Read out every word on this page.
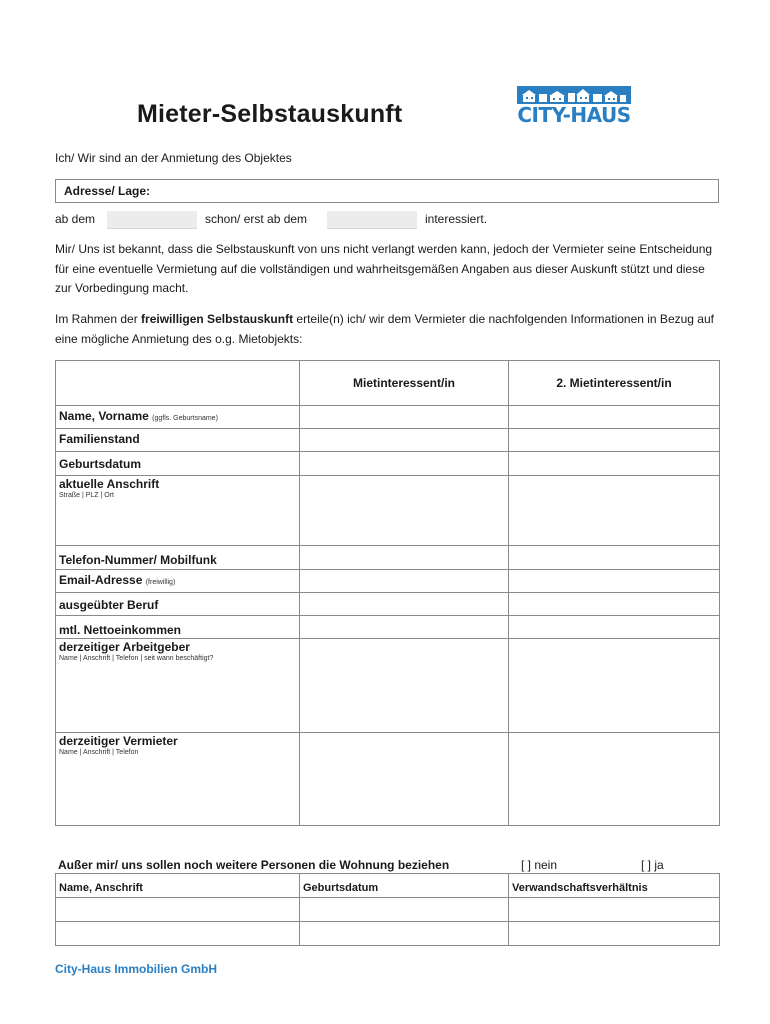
Mieter-Selbstauskunft	CITY-HAUS
Ich/ Wir sind an der Anmietung des Objektes
Adresse/ Lage:
ab dem	schon/ erst ab dem	interessiert.
Mir/ Uns ist bekannt, dass die Selbstauskunft von uns nicht verlangt werden kann, jedoch der Vermieter seine Entscheidung für eine eventuelle Vermietung auf die vollständigen und wahrheitsgemäßen Angaben aus dieser Auskunft stützt und diese zur Vorbedingung macht.
Im Rahmen der freiwilligen Selbstauskunft erteile(n) ich/ wir dem Vermieter die nachfolgenden Informationen in Bezug auf eine mögliche Anmietung des o.g. Mietobjekts:
	Mietinteressent/in	2. Mietinteressent/in
Name, Vorname (ggfls. Geburtsname)		
Familienstand		
Geburtsdatum		
aktuelle Anschrift
Straße | PLZ | Ort		

Telefon-Nummer/ Mobilfunk		
Email-Adresse (freiwillig)		
ausgeübter Beruf		
mtl. Nettoeinkommen		
derzeitiger Arbeitgeber
Name | Anschrift | Telefon | seit wann beschäftigt?		

derzeitiger Vermieter
Name | Anschrift | Telefon		

Außer mir/ uns sollen noch weitere Personen die Wohnung beziehen	[ ] nein	[ ] ja
Name, Anschrift	Geburtsdatum	Verwandschaftsverhältnis

City-Haus Immobilien GmbH
